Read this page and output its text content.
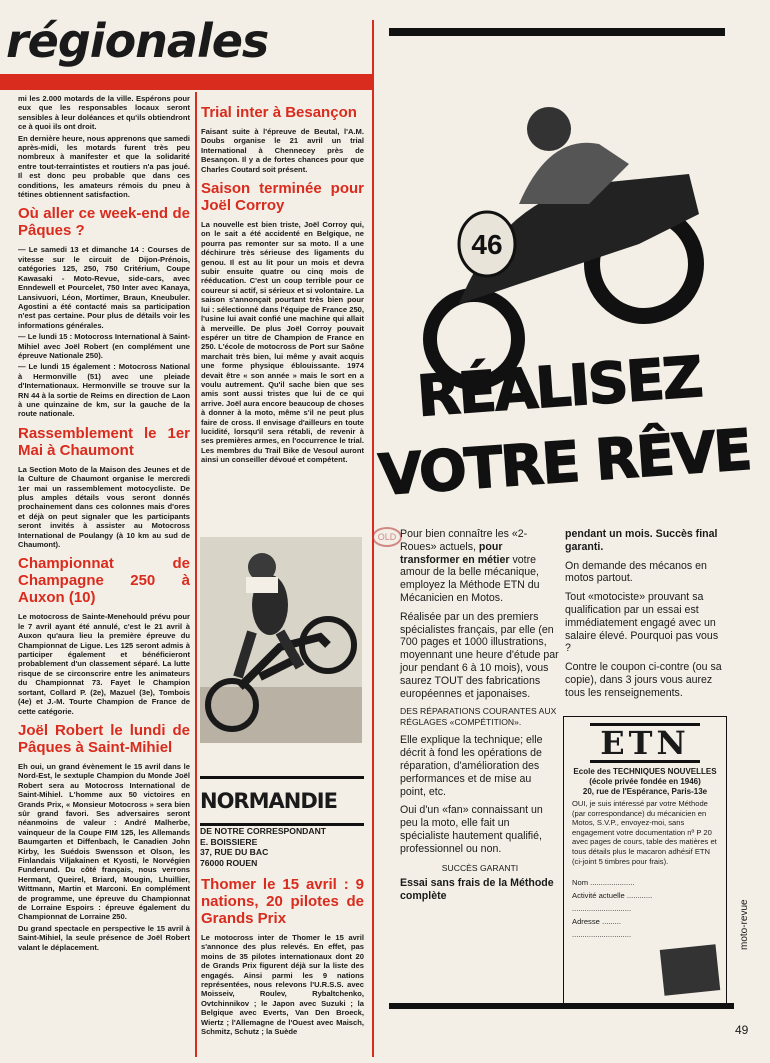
régionales

mi les 2.000 motards de la ville. Espérons pour eux que les responsables locaux seront sensibles à leur doléances et qu'ils obtiendront ce à quoi ils ont droit.

En dernière heure, nous apprenons que samedi après-midi, les motards furent très peu nombreux à manifester et que la solidarité entre tout-terraintistes et routiers n'a pas joué. Il est donc peu probable que dans ces conditions, les amateurs rémois du pneu à tétines obtiennent satisfaction.

Où aller ce week-end de Pâques ?

— Le samedi 13 et dimanche 14 : Courses de vitesse sur le circuit de Dijon-Prénois, catégories 125, 250, 750 Critérium, Coupe Kawasaki - Moto-Revue, side-cars, avec Enndewell et Pourcelet, 750 Inter avec Kanaya, Lansivuori, Léon, Mortimer, Braun, Kneubuler. Agostini a été contacté mais sa participation n'est pas certaine. Pour plus de détails voir les informations générales.

— Le lundi 15 : Motocross International à Saint-Mihiel avec Joël Robert (en complément une épreuve Nationale 250).

— Le lundi 15 également : Motocross National à Hermonville (51) avec une pleiade d'Internationaux. Hermonville se trouve sur la RN 44 à la sortie de Reims en direction de Laon à une quinzaine de km, sur la gauche de la route nationale.

Rassemblement le 1er Mai à Chaumont

La Section Moto de la Maison des Jeunes et de la Culture de Chaumont organise le mercredi 1er mai un rassemblement motocycliste. De plus amples détails vous seront donnés prochainement dans ces colonnes mais d'ores et déjà on peut signaler que les participants seront invités à assister au Motocross International de Poulangy (à 10 km au sud de Chaumont).

Championnat de Champagne 250 à Auxon (10)

Le motocross de Sainte-Menehould prévu pour le 7 avril ayant été annulé, c'est le 21 avril à Auxon qu'aura lieu la première épreuve du Championnat de Ligue. Les 125 seront admis à participer également et bénéficieront probablement d'un classement séparé. La lutte risque de se circonscrire entre les animateurs du Championnat 73. Fayet le Champion sortant, Collard P. (2e), Mazuel (3e), Tombois (4e) et J.-M. Tourte Champion de France de cette catégorie.

Joël Robert le lundi de Pâques à Saint-Mihiel

Eh oui, un grand évènement le 15 avril dans le Nord-Est, le sextuple Champion du Monde Joël Robert sera au Motocross International de Saint-Mihiel. L'homme aux 50 victoires en Grands Prix, « Monsieur Motocross » sera bien sûr grand favori. Ses adversaires seront néanmoins de valeur : André Malherbe, vainqueur de la Coupe FIM 125, les Allemands Baumgarten et Diffenbach, le Canadien John Kirby, les Suédois Swensson et Olson, les Finlandais Viljakainen et Kyosti, le Norvégien Funderund. Du côté français, nous verrons Hermant, Queirel, Briard, Mougin, Lhuillier, Wittmann, Martin et Marconi. En complément de programme, une épreuve du Championnat de Lorraine Espoirs : épreuve également du Championnat de Lorraine 250.

Du grand spectacle en perspective le 15 avril à Saint-Mihiel, la seule présence de Joël Robert valant le déplacement.

Trial inter à Besançon

Faisant suite à l'épreuve de Beutal, l'A.M. Doubs organise le 21 avril un trial International à Chennecey près de Besançon. Il y a de fortes chances pour que Charles Coutard soit présent.

Saison terminée pour Joël Corroy

La nouvelle est bien triste, Joël Corroy qui, on le sait a été accidenté en Belgique, ne pourra pas remonter sur sa moto. Il a une déchirure très sérieuse des ligaments du genou. Il est au lit pour un mois et devra subir ensuite quatre ou cinq mois de rééducation. C'est un coup terrible pour ce coureur si actif, si sérieux et si volontaire. La saison s'annonçait pourtant très bien pour lui : sélectionné dans l'équipe de France 250, l'usine lui avait confié une machine qui allait à merveille. De plus Joël Corroy pouvait espérer un titre de Champion de France en 250. L'école de motocross de Port sur Saône marchait très bien, lui même y avait acquis une forme physique éblouissante. 1974 devait être « son année » mais le sort en a voulu autrement. Qu'il sache bien que ses amis sont aussi tristes que lui de ce qui arrive. Joël aura encore beaucoup de choses à donner à la moto, même s'il ne peut plus faire de cross. Il envisage d'ailleurs en toute lucidité, lorsqu'il sera rétabli, de revenir à ses premières armes, en l'occurrence le trial. Les membres du Trail Bike de Vesoul auront ainsi un conseiller dévoué et compétent.

NORMANDIE
DE NOTRE CORRESPONDANT
E. BOISSIERE
37, RUE DU BAC
76000 ROUEN
Thomer le 15 avril : 9 nations, 20 pilotes de Grands Prix

Le motocross inter de Thomer le 15 avril s'annonce des plus relevés. En effet, pas moins de 35 pilotes internationaux dont 20 de Grands Prix figurent déjà sur la liste des engagés. Ainsi parmi les 9 nations représentées, nous relevons l'U.R.S.S. avec Moisseiv, Roulev, Rybaltchenko, Ovtchinnikov ; le Japon avec Suzuki ; la Belgique avec Everts, Van Den Broeck, Wiertz ; l'Allemagne de l'Ouest avec Maisch, Schmitz, Schutz ; la Suède

46
RÉALISEZ
VOTRE RÊVE
OLD Pour bien connaître les «2-Roues» actuels, pour transformer en métier votre amour de la belle mécanique, employez la Méthode ETN du Mécanicien en Motos.

Réalisée par un des premiers spécialistes français, par elle (en 700 pages et 1000 illustrations, moyennant une heure d'étude par jour pendant 6 à 10 mois), vous saurez TOUT des fabrications européennes et japonaises.

DES RÉPARATIONS COURANTES AUX RÉGLAGES «COMPÉTITION».

Elle explique la technique; elle décrit à fond les opérations de réparation, d'amélioration des performances et de mise au point, etc.

Oui d'un «fan» connaissant un peu la moto, elle fait un spécialiste hautement qualifié, professionnel ou non.

SUCCÈS GARANTI

Essai sans frais de la Méthode complète

pendant un mois. Succès final garanti.

On demande des mécanos en motos partout.

Tout «motociste» prouvant sa qualification par un essai est immédiatement engagé avec un salaire élevé. Pourquoi pas vous ?

Contre le coupon ci-contre (ou sa copie), dans 3 jours vous aurez tous les renseignements.

ETN
Ecole des TECHNIQUES NOUVELLES
(école privée fondée en 1946)
20, rue de l'Espérance, Paris-13e
OUI, je suis intéressé par votre Méthode (par correspondance) du mécanicien en Motos, S.V.P., envoyez-moi, sans engagement votre documentation nº P 20 avec pages de cours, table des matières et tous détails plus le macaron adhésif ETN (ci-joint 5 timbres pour frais).
Nom .....................
Activité actuelle ............
............................
Adresse .........
............................	moto-revue
49
